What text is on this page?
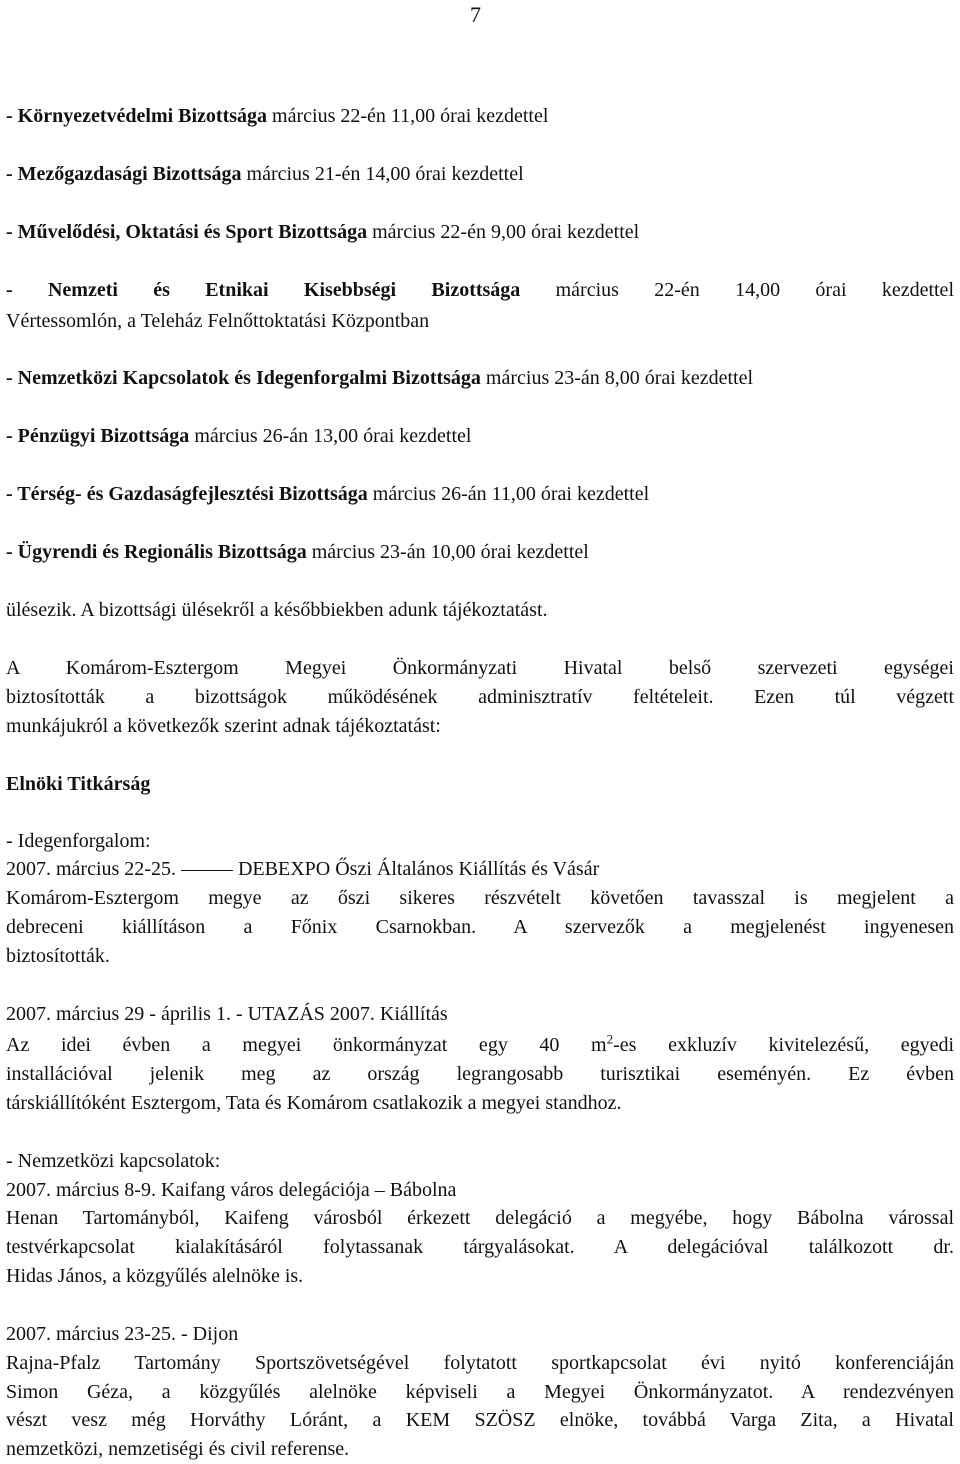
7
- Környezetvédelmi Bizottsága március 22-én 11,00 órai kezdettel
- Mezőgazdasági Bizottsága március 21-én 14,00 órai kezdettel
- Művelődési, Oktatási és Sport Bizottsága március 22-én 9,00 órai kezdettel
- Nemzeti és Etnikai Kisebbségi Bizottsága március 22-én 14,00 órai kezdettel
Vértessomlón, a Teleház Felnőttoktatási Központban
- Nemzetközi Kapcsolatok és Idegenforgalmi Bizottsága március 23-án 8,00 órai kezdettel
- Pénzügyi Bizottsága március 26-án 13,00 órai kezdettel
- Térség- és Gazdaságfejlesztési Bizottsága március 26-án 11,00 órai kezdettel
- Ügyrendi és Regionális Bizottsága március 23-án 10,00 órai kezdettel
ülésezik. A bizottsági ülésekről a későbbiekben adunk tájékoztatást.
A Komárom-Esztergom Megyei Önkormányzati Hivatal belső szervezeti egységei
biztosították a bizottságok működésének adminisztratív feltételeit. Ezen túl végzett
munkájukról a következők szerint adnak tájékoztatást:
Elnöki Titkárság
- Idegenforgalom:
2007. március 22-25.	DEBEXPO Őszi Általános Kiállítás és Vásár
Komárom-Esztergom megye az őszi sikeres részvételt követően tavasszal is megjelent a
debreceni kiállításon a Főnix Csarnokban. A szervezők a megjelenést ingyenesen
biztosították.
2007. március 29 - április 1. - UTAZÁS 2007. Kiállítás
Az idei évben a megyei önkormányzat egy 40 $m^2-es$ exkluzív kivitelezésű, egyedi
installációval jelenik meg az ország legrangosabb turisztikai eseményén. Ez évben
társkiállítóként Esztergom, Tata és Komárom csatlakozik a megyei standhoz.
- Nemzetközi kapcsolatok:
2007. március 8-9. Kaifang város delegációja – Bábolna
Henan Tartományból, Kaifeng városból érkezett delegáció a megyébe, hogy Bábolna várossal
testvérkapcsolat kialakításáról folytassanak tárgyalásokat. A delegációval találkozott dr.
Hidas János, a közgyűlés alelnöke is.
2007. március 23-25. - Dijon
Rajna-Pfalz Tartomány Sportszövetségével folytatott sportkapcsolat évi nyitó konferenciáján
Simon Géza, a közgyűlés alelnöke képviseli a Megyei Önkormányzatot. A rendezvényen
vészt vesz még Horváthy Lóránt, a KEM SZÖSZ elnöke, továbbá Varga Zita, a Hivatal
nemzetközi, nemzetiségi és civil referense.
